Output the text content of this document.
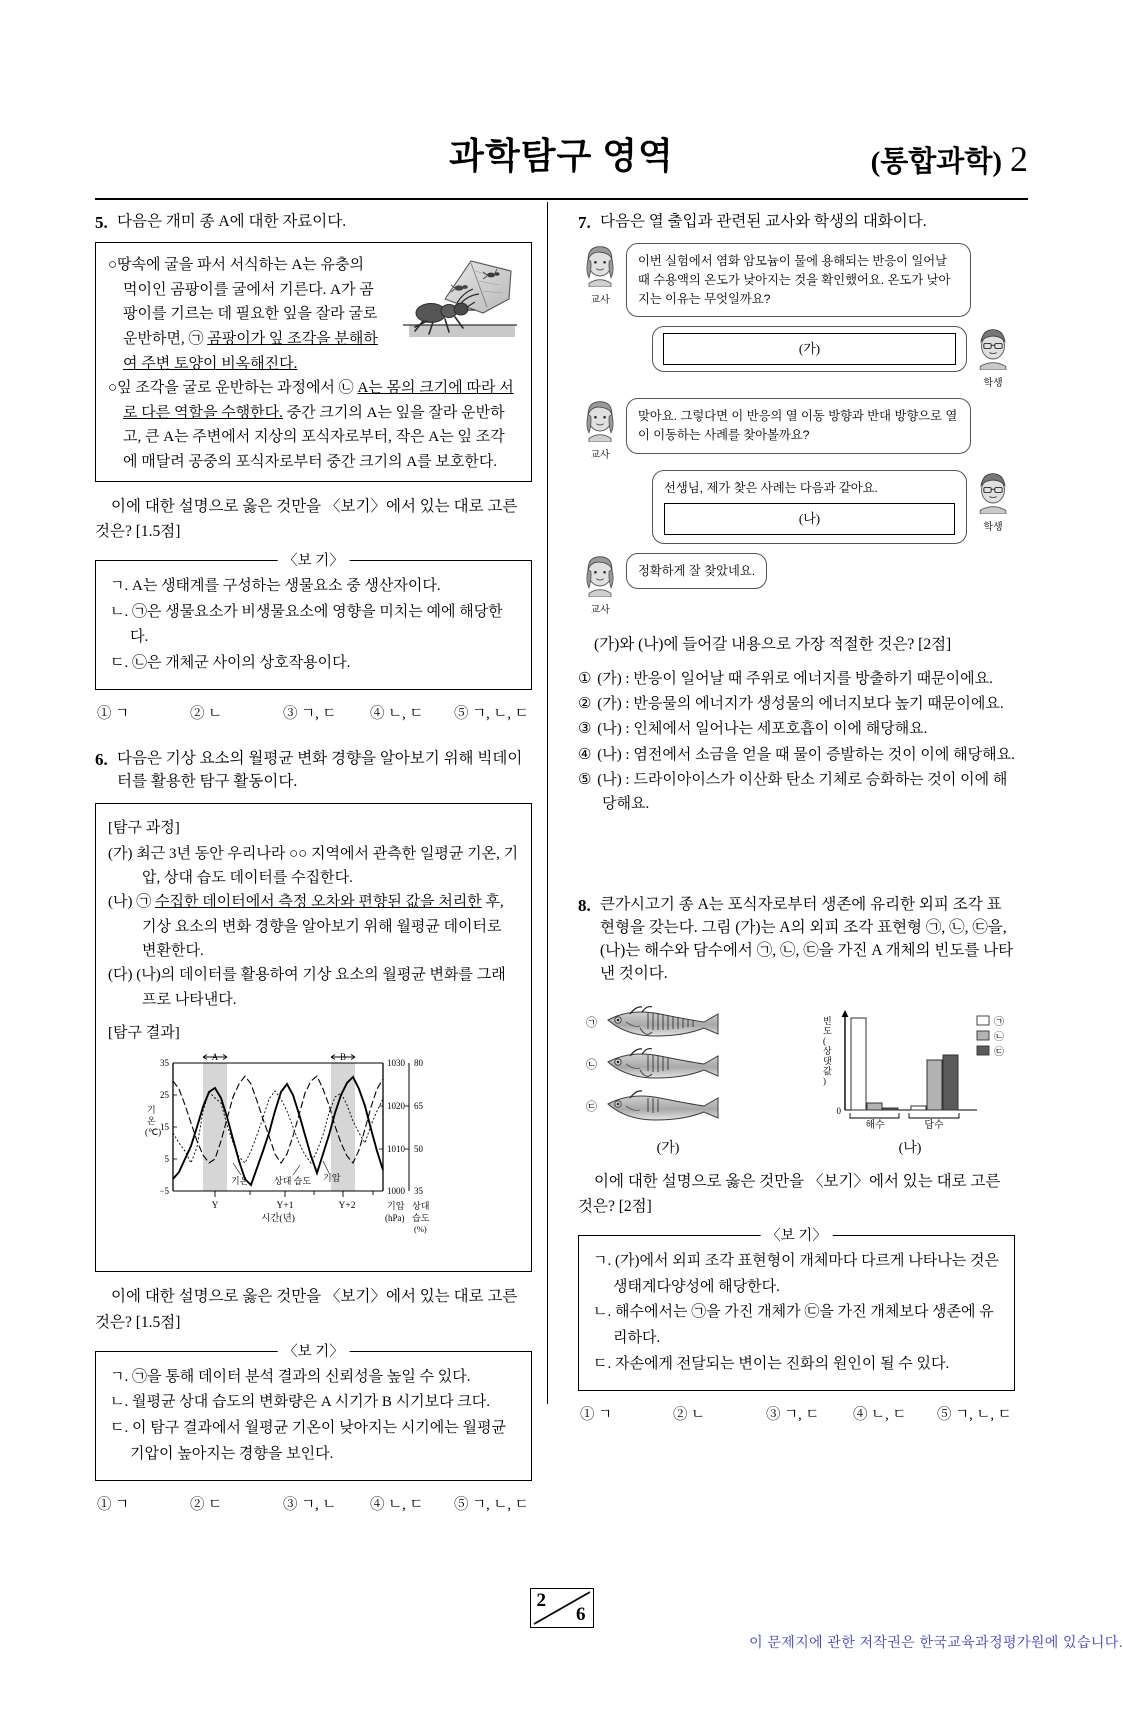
과학탐구 영역	(통합과학) 2
5. 다음은 개미 종 A에 대한 자료이다.
○땅속에 굴을 파서 서식하는 A는 유충의 먹이인 곰팡이를 굴에서 기른다. A가 곰팡이를 기르는 데 필요한 잎을 잘라 굴로 운반하면, ㉠ 곰팡이가 잎 조각을 분해하여 주변 토양이 비옥해진다.
○잎 조각을 굴로 운반하는 과정에서 ㉡ A는 몸의 크기에 따라 서로 다른 역할을 수행한다. 중간 크기의 A는 잎을 잘라 운반하고, 큰 A는 주변에서 지상의 포식자로부터, 작은 A는 잎 조각에 매달려 공중의 포식자로부터 중간 크기의 A를 보호한다.
이에 대한 설명으로 옳은 것만을 〈보기〉에서 있는 대로 고른 것은? [1.5점]
〈보 기〉
ㄱ. A는 생태계를 구성하는 생물요소 중 생산자이다.
ㄴ. ㉠은 생물요소가 비생물요소에 영향을 미치는 예에 해당한다.
ㄷ. ㉡은 개체군 사이의 상호작용이다.
① ㄱ	② ㄴ	③ ㄱ, ㄷ	④ ㄴ, ㄷ	⑤ ㄱ, ㄴ, ㄷ
6. 다음은 기상 요소의 월평균 변화 경향을 알아보기 위해 빅데이터를 활용한 탐구 활동이다.
[탐구 과정]
(가) 최근 3년 동안 우리나라 ○○ 지역에서 관측한 일평균 기온, 기압, 상대 습도 데이터를 수집한다.
(나) ㉠ 수집한 데이터에서 측정 오차와 편향된 값을 처리한 후, 기상 요소의 변화 경향을 알아보기 위해 월평균 데이터로 변환한다.
(다) (나)의 데이터를 활용하여 기상 요소의 월평균 변화를 그래프로 나타낸다.
[탐구 결과]
A	B
35
25
15
5
−5
기
온
(℃)
1030
1020
1010
1000
80
65
50
35
Y	Y+1	Y+2
시간(년)
기압
(hPa)
상대
습도
(%)
기온	상대 습도 기압
이에 대한 설명으로 옳은 것만을 〈보기〉에서 있는 대로 고른 것은? [1.5점]
〈보 기〉
ㄱ. ㉠을 통해 데이터 분석 결과의 신뢰성을 높일 수 있다.
ㄴ. 월평균 상대 습도의 변화량은 A 시기가 B 시기보다 크다.
ㄷ. 이 탐구 결과에서 월평균 기온이 낮아지는 시기에는 월평균 기압이 높아지는 경향을 보인다.
① ㄱ	② ㄷ	③ ㄱ, ㄴ	④ ㄴ, ㄷ	⑤ ㄱ, ㄴ, ㄷ
7. 다음은 열 출입과 관련된 교사와 학생의 대화이다.
교사
이번 실험에서 염화 암모늄이 물에 용해되는 반응이 일어날 때 수용액의 온도가 낮아지는 것을 확인했어요. 온도가 낮아지는 이유는 무엇일까요?
(가)
학생
교사
맞아요. 그렇다면 이 반응의 열 이동 방향과 반대 방향으로 열이 이동하는 사례를 찾아볼까요?
선생님, 제가 찾은 사례는 다음과 같아요.
(나)
학생
교사
정확하게 잘 찾았네요.
(가)와 (나)에 들어갈 내용으로 가장 적절한 것은? [2점]
① (가) : 반응이 일어날 때 주위로 에너지를 방출하기 때문이에요.
② (가) : 반응물의 에너지가 생성물의 에너지보다 높기 때문이에요.
③ (나) : 인체에서 일어나는 세포호흡이 이에 해당해요.
④ (나) : 염전에서 소금을 얻을 때 물이 증발하는 것이 이에 해당해요.
⑤ (나) : 드라이아이스가 이산화 탄소 기체로 승화하는 것이 이에 해당해요.
8. 큰가시고기 종 A는 포식자로부터 생존에 유리한 외피 조각 표현형을 갖는다. 그림 (가)는 A의 외피 조각 표현형 ㉠, ㉡, ㉢을, (나)는 해수와 담수에서 ㉠, ㉡, ㉢을 가진 A 개체의 빈도를 나타낸 것이다.
㉠
㉡
㉢
(가)
0
빈
도
(
상
댓
값
)
해수	담수
㉠
㉡
㉢
(나)
이에 대한 설명으로 옳은 것만을 〈보기〉에서 있는 대로 고른 것은? [2점]
〈보 기〉
ㄱ. (가)에서 외피 조각 표현형이 개체마다 다르게 나타나는 것은 생태계다양성에 해당한다.
ㄴ. 해수에서는 ㉠을 가진 개체가 ㉢을 가진 개체보다 생존에 유리하다.
ㄷ. 자손에게 전달되는 변이는 진화의 원인이 될 수 있다.
① ㄱ	② ㄴ	③ ㄱ, ㄷ	④ ㄴ, ㄷ	⑤ ㄱ, ㄴ, ㄷ
2
6
이 문제지에 관한 저작권은 한국교육과정평가원에 있습니다.
